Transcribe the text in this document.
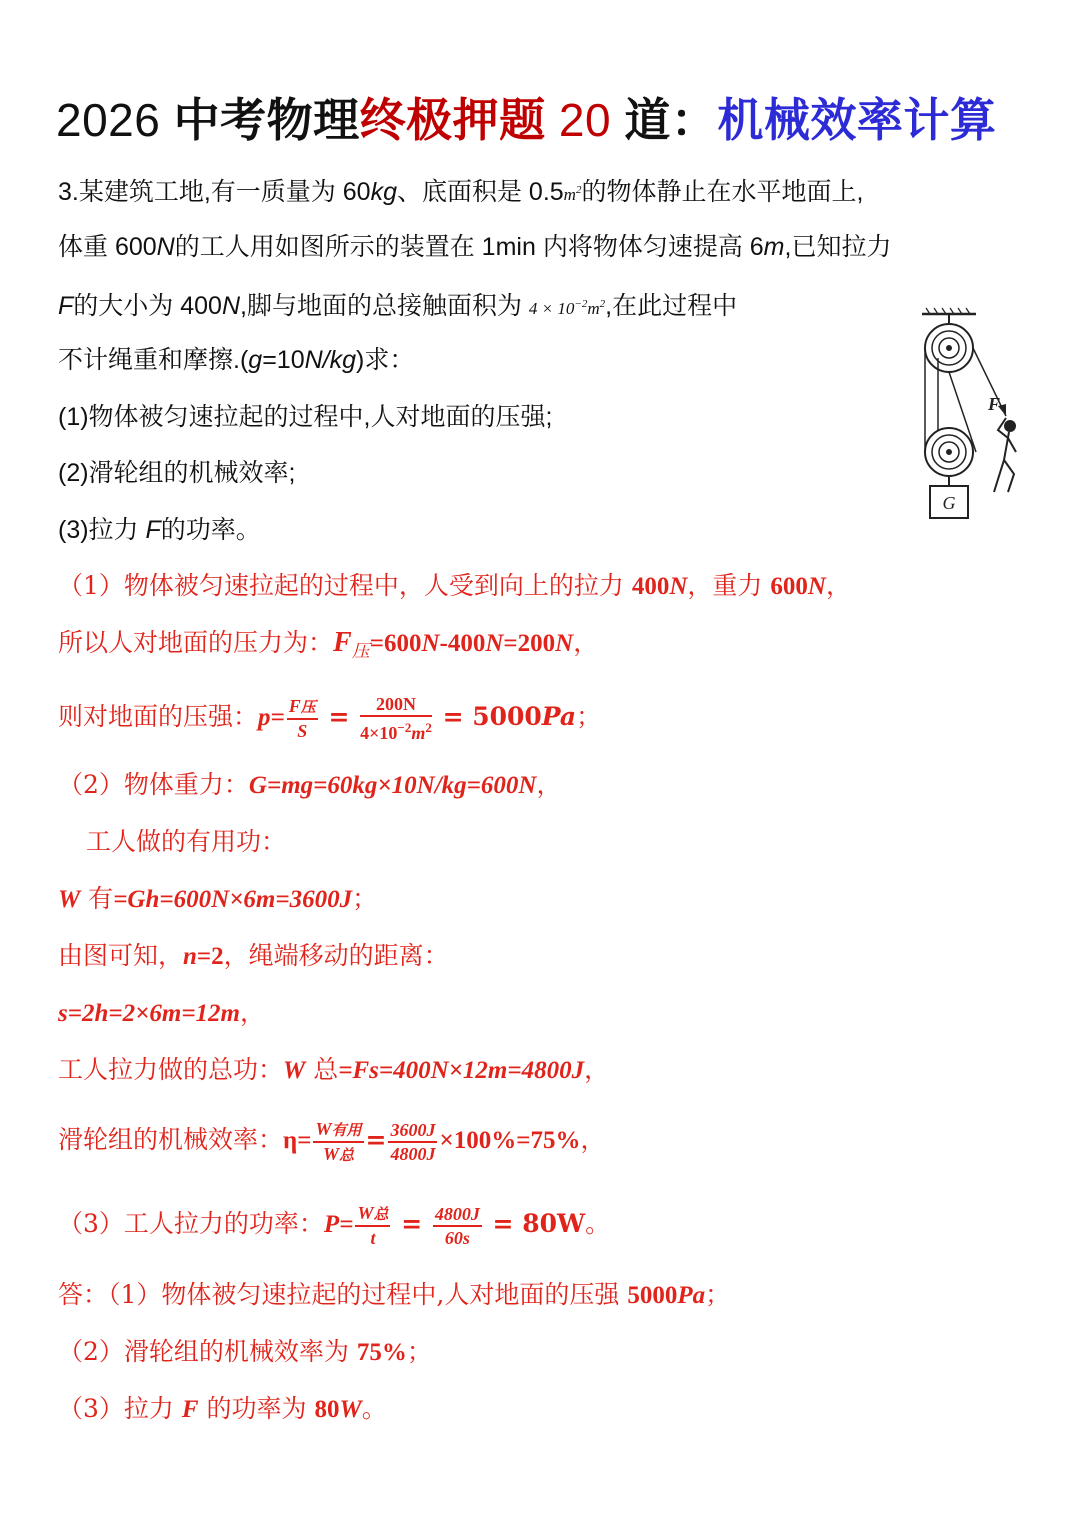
2026 中考物理终极押题 20 道：机械效率计算
3.某建筑工地,有一质量为 60kg、底面积是 $0.5m^2$的物体静止在水平地面上,
体重 600N的工人用如图所示的装置在 1min 内将物体匀速提高 6m,已知拉力
F的大小为 400N,脚与地面的总接触面积为 $4 \times 10^{-2}m^2$,在此过程中
不计绳重和摩擦.(g=10N/kg)求：
(1)物体被匀速拉起的过程中,人对地面的压强;
(2)滑轮组的机械效率;
(3)拉力 F的功率。
G
F
（1）物体被匀速拉起的过程中，人受到向上的拉力 400N，重力 600N，
所以人对地面的压力为：$F_压=600N-400N=200N$，
则对地面的压强：$p= \frac{\text{F压}}{S} = \frac{200N}{4\times 10^{-2}m^2} = 5000Pa$；
（2）物体重力：G=mg=60kg×10N/kg=600N，
工人做的有用功：
W 有=Gh=600N×6m=3600J；
由图可知，n=2，绳端移动的距离：
s=2h=2×6m=12m，
工人拉力做的总功：W 总=Fs=400N×12m=4800J，
滑轮组的机械效率：$\eta= \frac{\text{W有用}}{\text{W总}} = \frac{3600J}{4800J} \times 100\%=75\%$，
（3）工人拉力的功率：$P= \frac{\text{W总}}{t} = \frac{4800J}{60s} = 80W$。
答：（1）物体被匀速拉起的过程中,人对地面的压强 5000Pa；
（2）滑轮组的机械效率为 75%；
（3）拉力 F 的功率为 80W。
